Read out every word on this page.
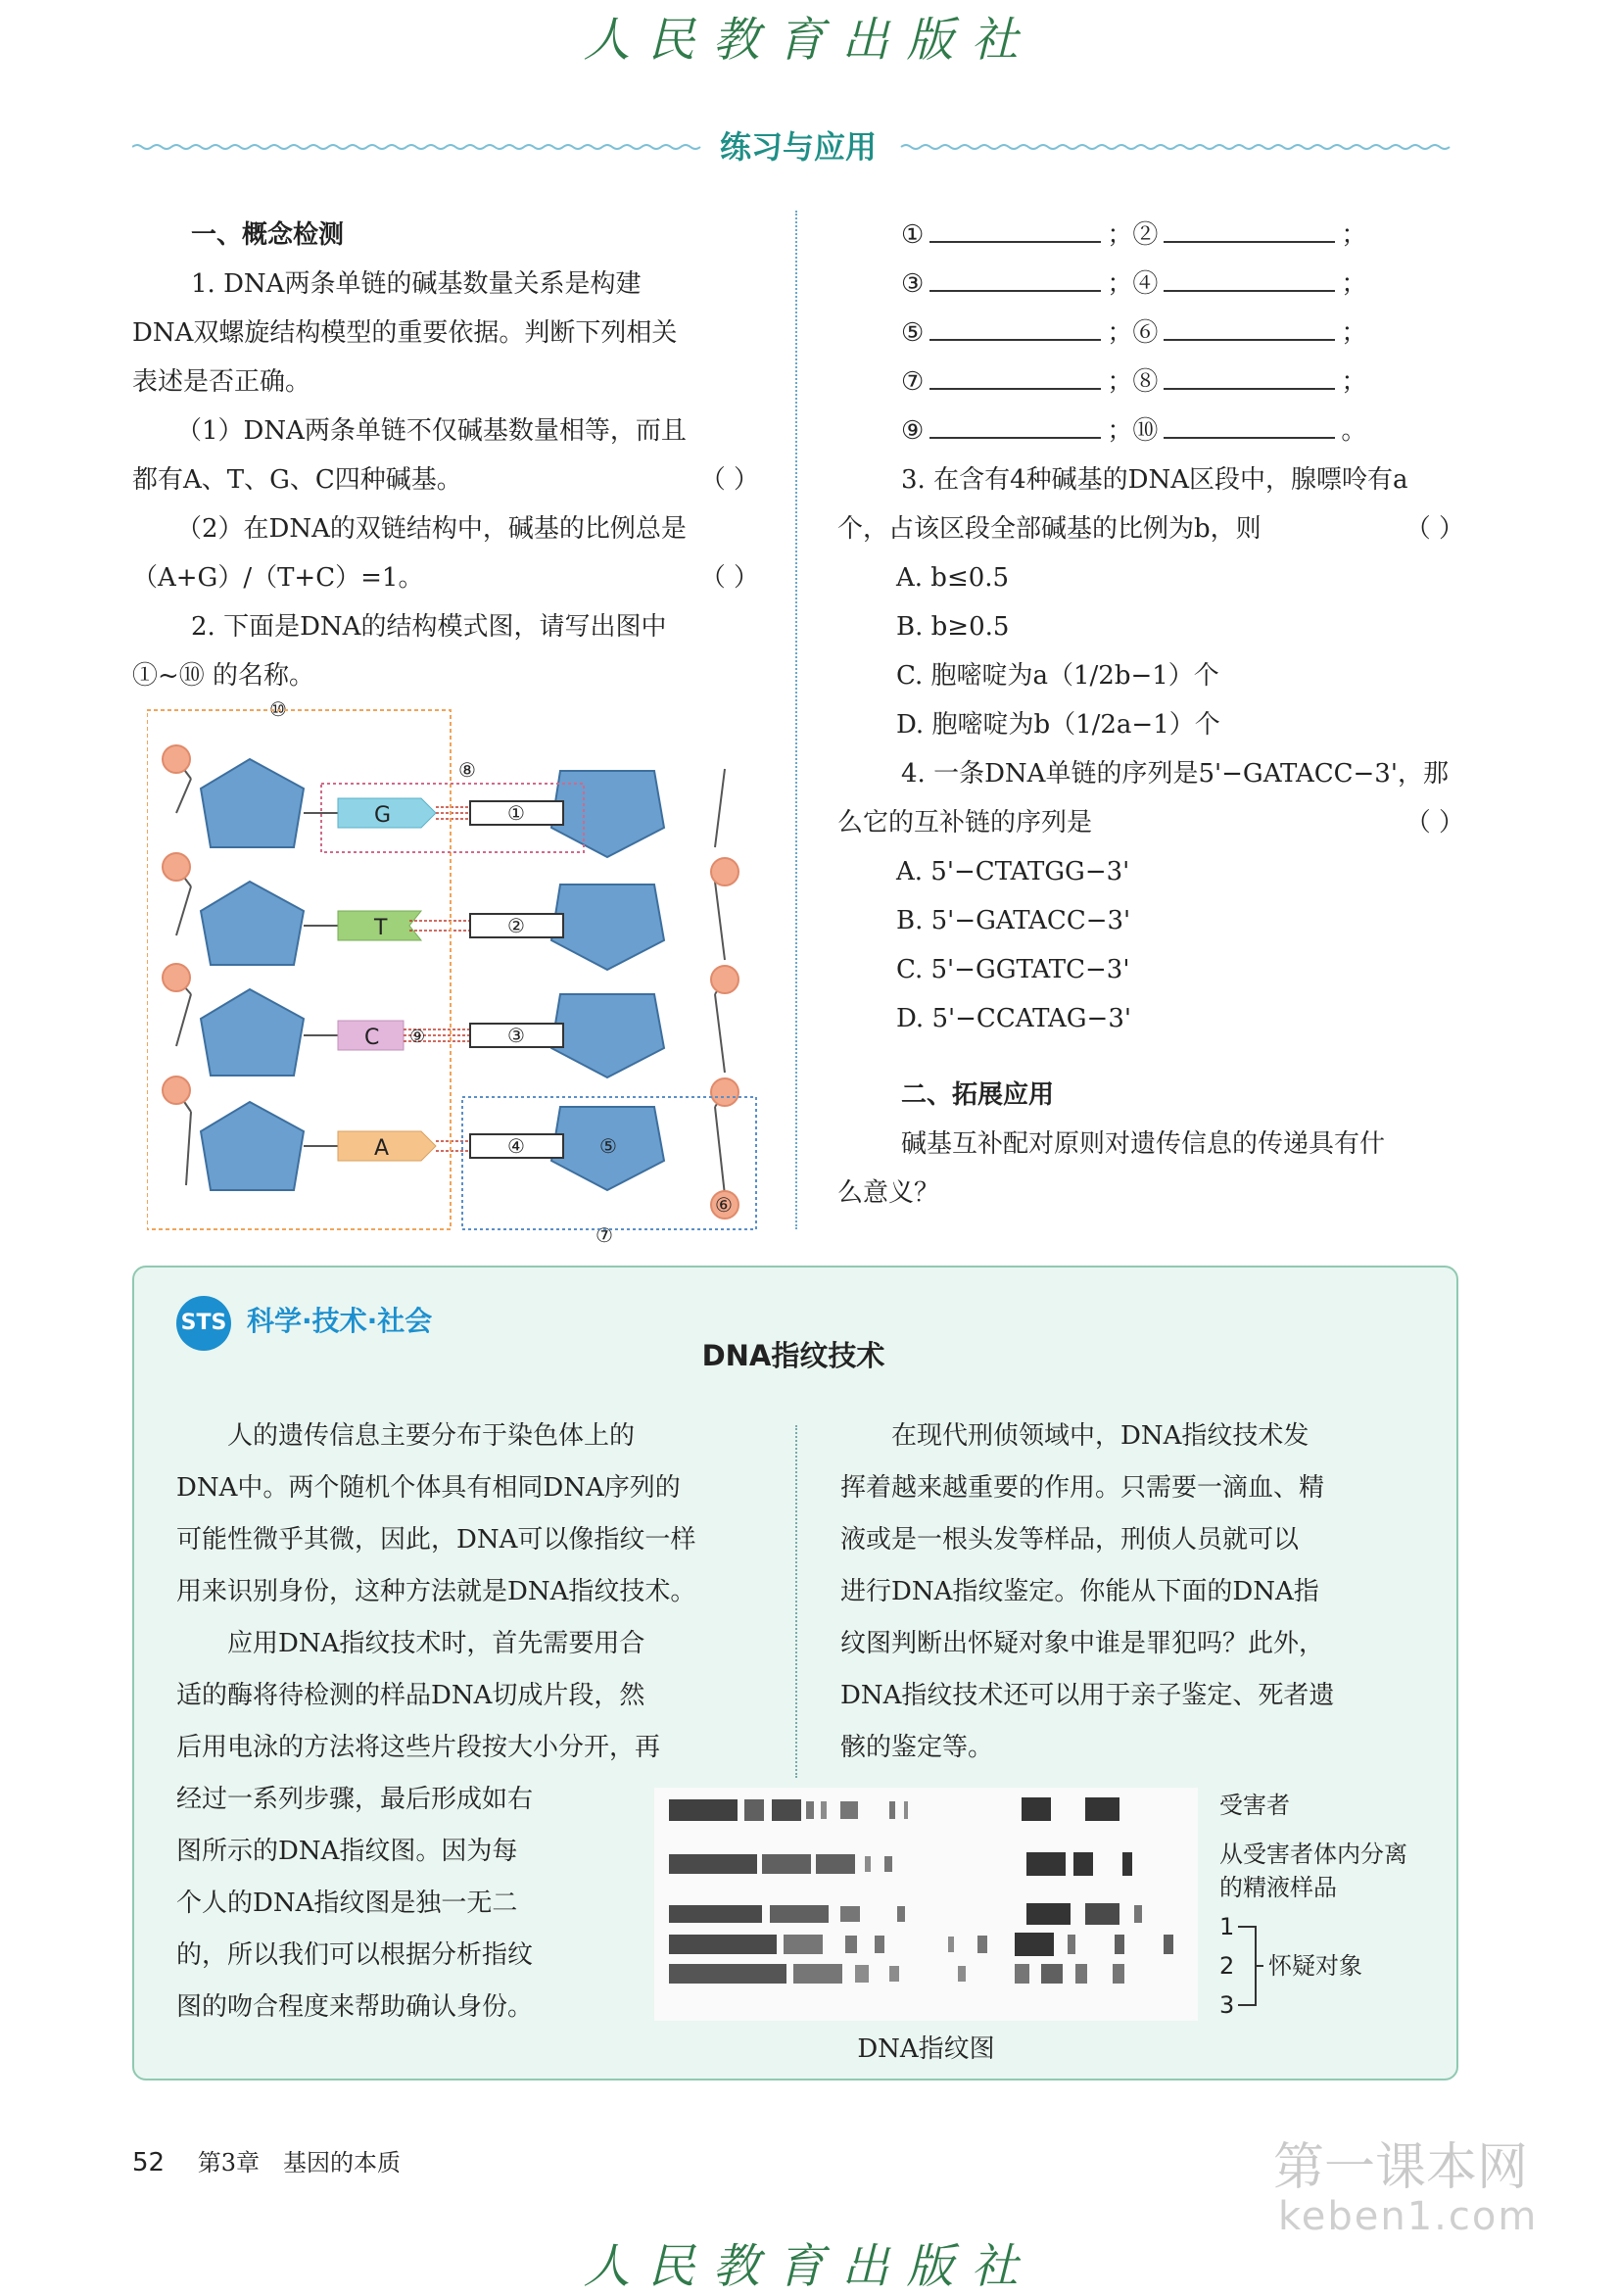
人民教育出版社
练习与应用
一、概念检测

1. DNA两条单链的碱基数量关系是构建

DNA双螺旋结构模型的重要依据。判断下列相关

表述是否正确。

（1）DNA两条单链不仅碱基数量相等，而且

都有A、T、G、C四种碱基。	（ ）

（2）在DNA的双链结构中，碱基的比例总是

（A+G）/（T+C）=1。	（ ）

2. 下面是DNA的结构模式图，请写出图中

①~⑩ 的名称。

G
T
C
A
①
②
③
④	⑤
⑥
⑦
⑧
⑨
⑩
①	；②	；
③	；④	；
⑤	；⑥	；
⑦	；⑧	；
⑨	；⑩	。

3. 在含有4种碱基的DNA区段中，腺嘌呤有a

个，占该区段全部碱基的比例为b，则	（ ）

A. b≤0.5

B. b≥0.5

C. 胞嘧啶为a（1/2b−1）个

D. 胞嘧啶为b（1/2a−1）个

4. 一条DNA单链的序列是5'−GATACC−3'，那

么它的互补链的序列是	（ ）

A. 5'−CTATGG−3'

B. 5'−GATACC−3'

C. 5'−GGTATC−3'

D. 5'−CCATAG−3'

二、拓展应用

碱基互补配对原则对遗传信息的传递具有什

么意义？

STS 科学·技术·社会
DNA指纹技术

人的遗传信息主要分布于染色体上的

DNA中。两个随机个体具有相同DNA序列的

可能性微乎其微，因此，DNA可以像指纹一样

用来识别身份，这种方法就是DNA指纹技术。

应用DNA指纹技术时，首先需要用合

适的酶将待检测的样品DNA切成片段，然

后用电泳的方法将这些片段按大小分开，再

经过一系列步骤，最后形成如右

图所示的DNA指纹图。因为每

个人的DNA指纹图是独一无二

的，所以我们可以根据分析指纹

图的吻合程度来帮助确认身份。

在现代刑侦领域中，DNA指纹技术发

挥着越来越重要的作用。只需要一滴血、精

液或是一根头发等样品，刑侦人员就可以

进行DNA指纹鉴定。你能从下面的DNA指

纹图判断出怀疑对象中谁是罪犯吗？此外，

DNA指纹技术还可以用于亲子鉴定、死者遗

骸的鉴定等。

DNA指纹图
受害者
从受害者体内分离
的精液样品
1
2
3
怀疑对象
52 第3章　基因的本质	第一课本网
keben1.com
人民教育出版社
